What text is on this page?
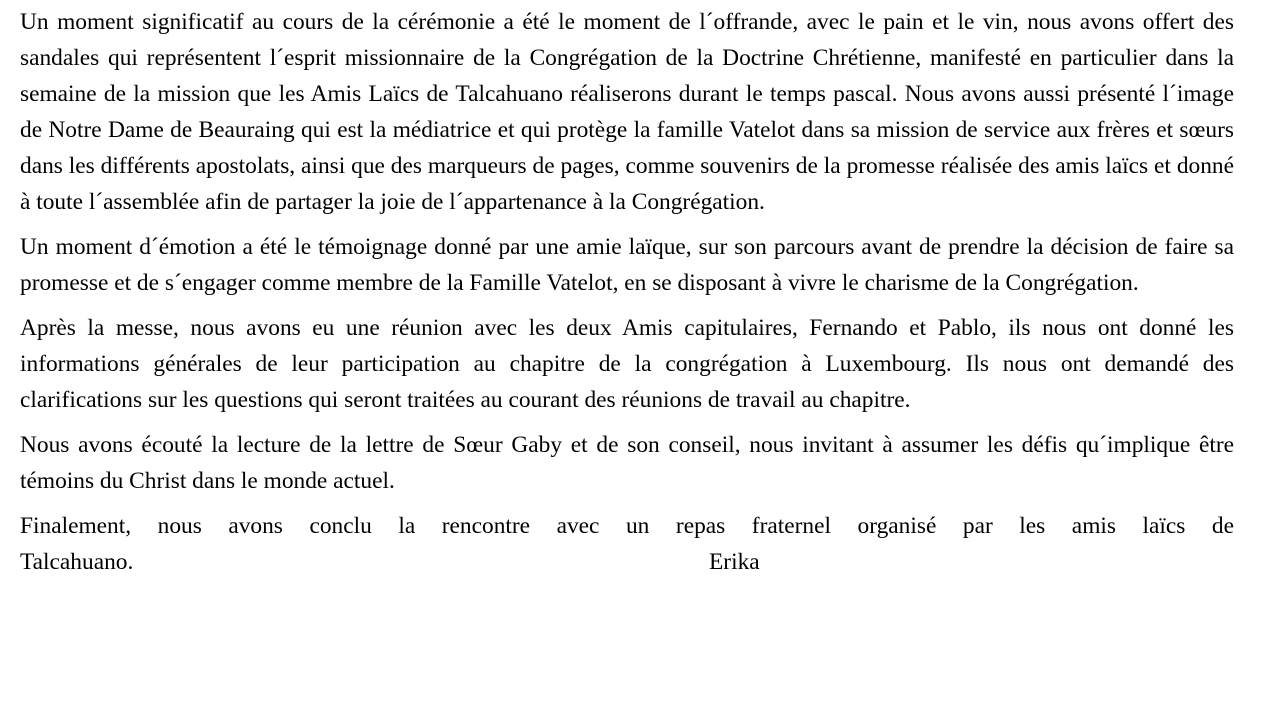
Un moment significatif au cours de la cérémonie a été le moment de l´offrande, avec le pain et le vin, nous avons offert des sandales qui représentent l´esprit missionnaire de la Congrégation de la Doctrine Chrétienne, manifesté en particulier dans la semaine de la mission que les Amis Laïcs de Talcahuano réaliserons durant le temps pascal. Nous avons aussi présenté l´image de Notre Dame de Beauraing qui est la médiatrice et qui protège la famille Vatelot dans sa mission de service aux frères et sœurs dans les différents apostolats, ainsi que des marqueurs de pages, comme souvenirs de la promesse réalisée des amis laïcs et donné à toute l´assemblée afin de partager la joie de l´appartenance à la Congrégation.

Un moment d´émotion a été le témoignage donné par une amie laïque, sur son parcours avant de prendre la décision de faire sa promesse et de s´engager comme membre de la Famille Vatelot, en se disposant à vivre le charisme de la Congrégation.

Après la messe, nous avons eu une réunion avec les deux Amis capitulaires, Fernando et Pablo, ils nous ont donné les informations générales de leur participation au chapitre de la congrégation à Luxembourg. Ils nous ont demandé des clarifications sur les questions qui seront traitées au courant des réunions de travail au chapitre.

Nous avons écouté la lecture de la lettre de Sœur Gaby et de son conseil, nous invitant à assumer les défis qu´implique être témoins du Christ dans le monde actuel.

Finalement, nous avons conclu la rencontre avec un repas fraternel organisé par les amis laïcs de
Talcahuano.	Erika
